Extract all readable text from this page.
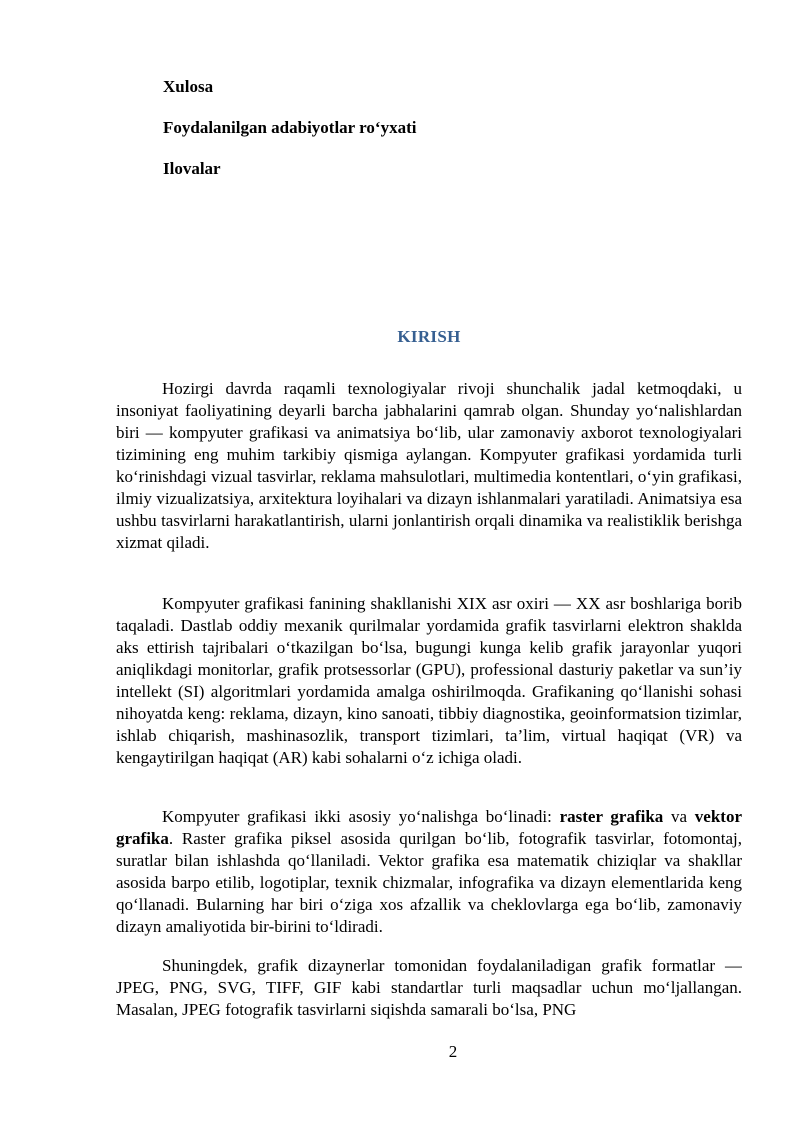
Xulosa
Foydalanilgan adabiyotlar ro‘yxati
Ilovalar
KIRISH

Hozirgi davrda raqamli texnologiyalar rivoji shunchalik jadal ketmoqdaki, u insoniyat faoliyatining deyarli barcha jabhalarini qamrab olgan. Shunday yo‘nalishlardan biri — kompyuter grafikasi va animatsiya bo‘lib, ular zamonaviy axborot texnologiyalari tizimining eng muhim tarkibiy qismiga aylangan. Kompyuter grafikasi yordamida turli ko‘rinishdagi vizual tasvirlar, reklama mahsulotlari, multimedia kontentlari, o‘yin grafikasi, ilmiy vizualizatsiya, arxitektura loyihalari va dizayn ishlanmalari yaratiladi. Animatsiya esa ushbu tasvirlarni harakatlantirish, ularni jonlantirish orqali dinamika va realistiklik berishga xizmat qiladi.

Kompyuter grafikasi fanining shakllanishi XIX asr oxiri — XX asr boshlariga borib taqaladi. Dastlab oddiy mexanik qurilmalar yordamida grafik tasvirlarni elektron shaklda aks ettirish tajribalari o‘tkazilgan bo‘lsa, bugungi kunga kelib grafik jarayonlar yuqori aniqlikdagi monitorlar, grafik protsessorlar (GPU), professional dasturiy paketlar va sun’iy intellekt (SI) algoritmlari yordamida amalga oshirilmoqda. Grafikaning qo‘llanishi sohasi nihoyatda keng: reklama, dizayn, kino sanoati, tibbiy diagnostika, geoinformatsion tizimlar, ishlab chiqarish, mashinasozlik, transport tizimlari, ta’lim, virtual haqiqat (VR) va kengaytirilgan haqiqat (AR) kabi sohalarni o‘z ichiga oladi.

Kompyuter grafikasi ikki asosiy yo‘nalishga bo‘linadi: raster grafika va vektor grafika. Raster grafika piksel asosida qurilgan bo‘lib, fotografik tasvirlar, fotomontaj, suratlar bilan ishlashda qo‘llaniladi. Vektor grafika esa matematik chiziqlar va shakllar asosida barpo etilib, logotiplar, texnik chizmalar, infografika va dizayn elementlarida keng qo‘llanadi. Bularning har biri o‘ziga xos afzallik va cheklovlarga ega bo‘lib, zamonaviy dizayn amaliyotida bir-birini to‘ldiradi.

Shuningdek, grafik dizaynerlar tomonidan foydalaniladigan grafik formatlar — JPEG, PNG, SVG, TIFF, GIF kabi standartlar turli maqsadlar uchun mo‘ljallangan. Masalan, JPEG fotografik tasvirlarni siqishda samarali bo‘lsa, PNG

2
